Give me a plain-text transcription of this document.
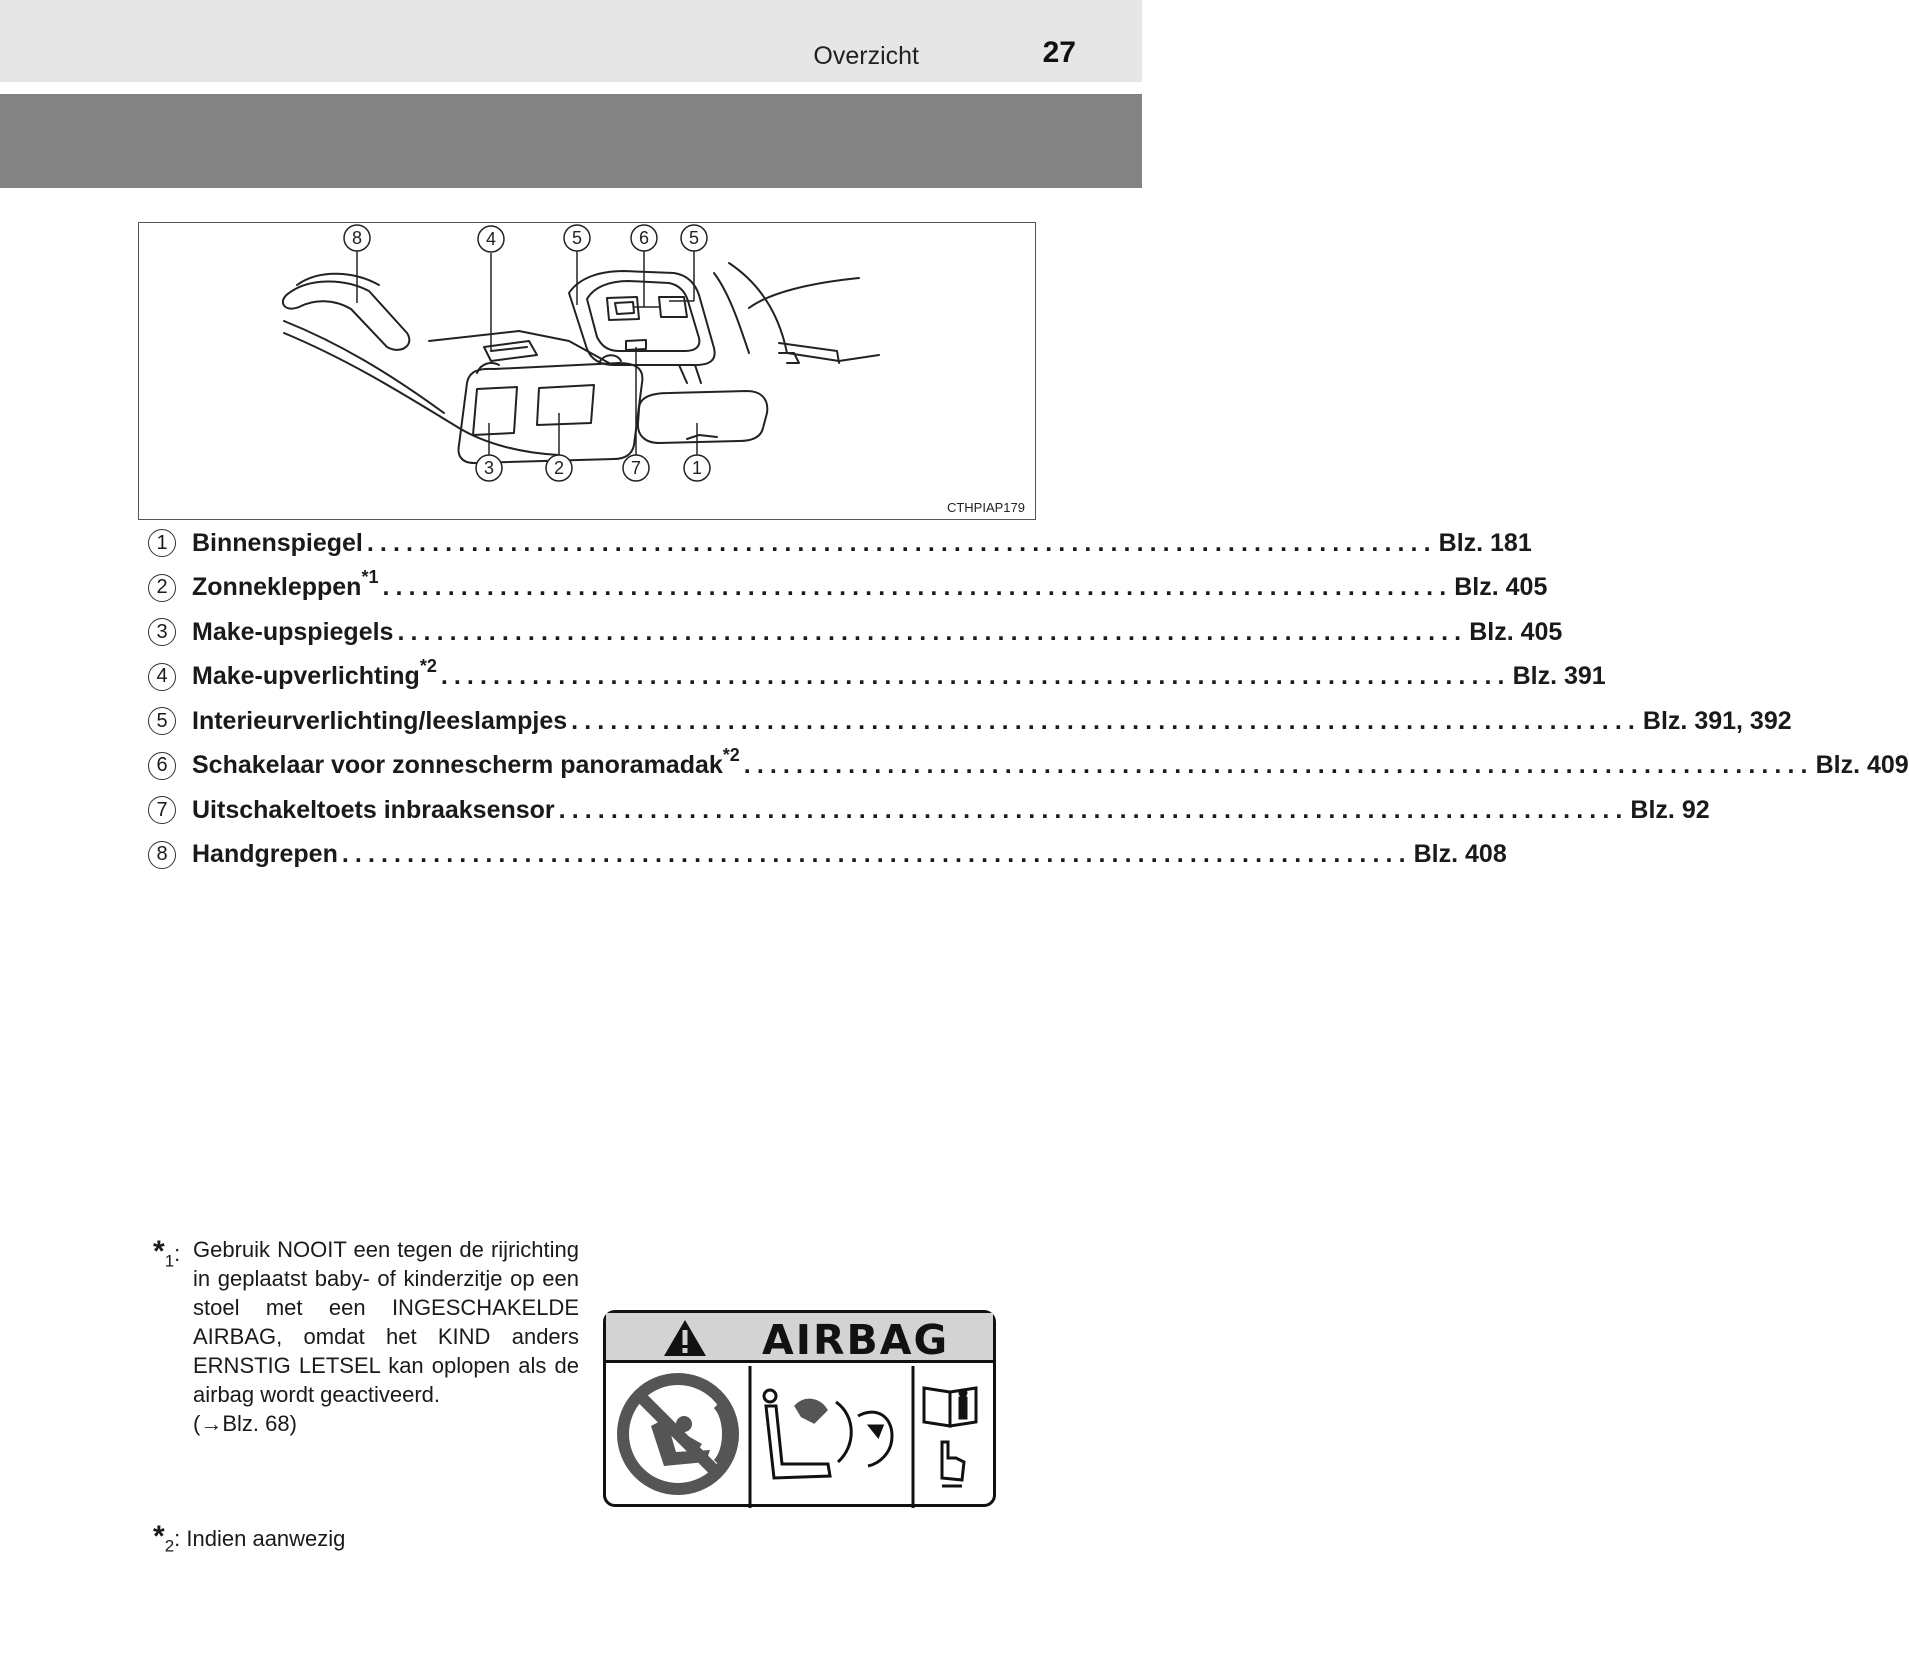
Overzicht	27
8	4	5	6 5
3	2	7	1
CTHPIAP179
1 Binnenspiegel .................................................................................. Blz. 181
2 Zonnekleppen$^{*1}$ .................................................................................. Blz. 405
3 Make-upspiegels .................................................................................. Blz. 405
4 Make-upverlichting$^{*2}$ .................................................................................. Blz. 391
5 Interieurverlichting/leeslampjes .................................................................................. Blz. 391, 392
6 Schakelaar voor zonnescherm panoramadak$^{*2}$ .................................................................................. Blz. 409
7 Uitschakeltoets inbraaksensor .................................................................................. Blz. 92
8 Handgrepen .................................................................................. Blz. 408
$*_1$: Gebruik NOOIT een tegen de rijrichting in geplaatst baby- of kinderzitje op een stoel met een INGESCHAKELDE AIRBAG, omdat het KIND anders ERNSTIG LETSEL kan oplopen als de airbag wordt geactiveerd.

(→Blz. 68)
AIRBAG
$*_2$: Indien aanwezig
